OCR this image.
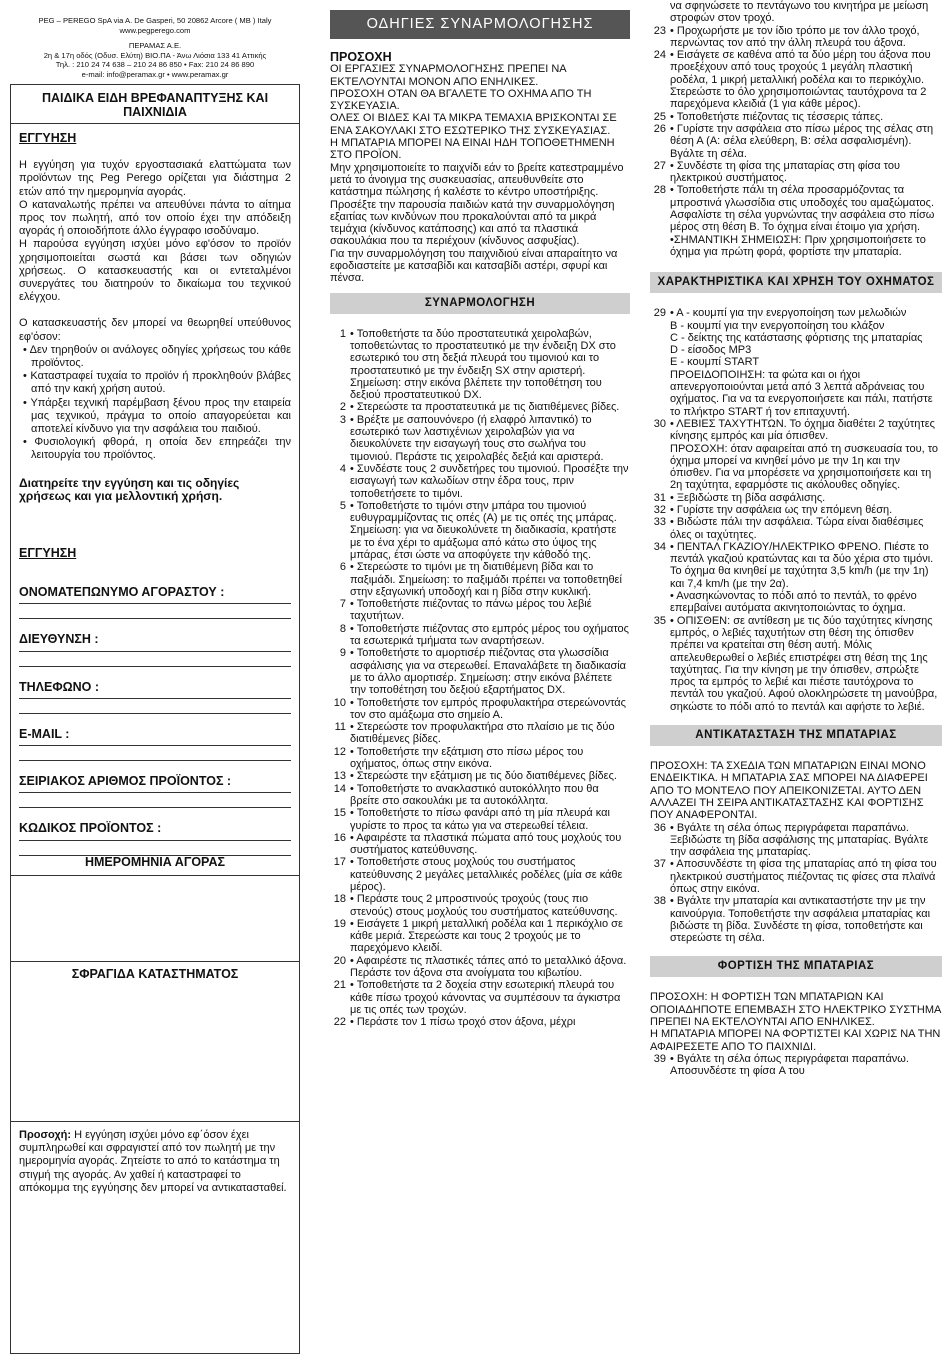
PEG – PEREGO SpA via A. De Gasperi, 50 20862 Arcore ( MB ) Italy
www.pegperego.com
ΠΕΡΑΜΑΣ Α.Ε.
2η & 17η οδός (Οδυσ. Ελύτη) ΒΙΟ.ΠΑ - Άνω Λιόσια 133 41 Αττικής
Τηλ. : 210 24 74 638 – 210 24 86 850 • Fax: 210 24 86 890
e-mail: info@peramax.gr • www.peramax.gr
ΠΑΙΔΙΚΑ ΕΙΔΗ ΒΡΕΦΑΝΑΠΤΥΞΗΣ ΚΑΙ ΠΑΙΧΝΙΔΙΑ
ΕΓΓΥΗΣΗ

Η εγγύηση για τυχόν εργοστασιακά ελαττώματα των προϊόντων της Peg Perego ορίζεται για διάστημα 2 ετών από την ημερομηνία αγοράς.

Ο καταναλωτής πρέπει να απευθύνει πάντα το αίτημα προς τον πωλητή, από τον οποίο έχει την απόδειξη αγοράς ή οποιοδήποτε άλλο έγγραφο ισοδύναμο.

Η παρούσα εγγύηση ισχύει μόνο εφ'όσον το προϊόν χρησιμοποιείται σωστά και βάσει των οδηγιών χρήσεως. Ο κατασκευαστής και οι εντεταλμένοι συνεργάτες του διατηρούν το δικαίωμα του τεχνικού ελέγχου.

Ο κατασκευαστής δεν μπορεί να θεωρηθεί υπεύθυνος εφ'όσον:

• Δεν τηρηθούν οι ανάλογες οδηγίες χρήσεως του κάθε προϊόντος.
• Καταστραφεί τυχαία το προϊόν ή προκληθούν βλάβες από την κακή χρήση αυτού.
• Υπάρξει τεχνική παρέμβαση ξένου προς την εταιρεία μας τεχνικού, πράγμα το οποίο απαγορεύεται και αποτελεί κίνδυνο για την ασφάλεια του παιδιού.
• Φυσιολογική φθορά, η οποία δεν επηρεάζει την λειτουργία του προϊόντος.
Διατηρείτε την εγγύηση και τις οδηγίες χρήσεως και για μελλοντική χρήση.
ΕΓΓΥΗΣΗ
ΟΝΟΜΑΤΕΠΩΝΥΜΟ ΑΓΟΡΑΣΤΟΥ :
ΔΙΕΥΘΥΝΣΗ :
ΤΗΛΕΦΩΝΟ :
E-MAIL :
ΣΕΙΡΙΑΚΟΣ ΑΡΙΘΜΟΣ ΠΡΟΪΟΝΤΟΣ :
ΚΩΔΙΚΟΣ ΠΡΟΪΟΝΤΟΣ :
ΗΜΕΡΟΜΗΝΙΑ ΑΓΟΡΑΣ
ΣΦΡΑΓΙΔΑ ΚΑΤΑΣΤΗΜΑΤΟΣ
Προσοχή: Η εγγύηση ισχύει μόνο εφ΄όσον έχει συμπληρωθεί και σφραγιστεί από τον πωλητή με την ημερομηνία αγοράς. Ζητείστε το από το κατάστημα τη στιγμή της αγοράς. Αν χαθεί ή καταστραφεί το απόκομμα της εγγύησης δεν μπορεί να αντικατασταθεί.
ΟΔΗΓΙΕΣ ΣΥΝΑΡΜΟΛΟΓΗΣΗΣ
ΠΡΟΣΟΧΗ

ΟΙ ΕΡΓΑΣΙΕΣ ΣΥΝΑΡΜΟΛΟΓΗΣΗΣ ΠΡΕΠΕΙ ΝΑ ΕΚΤΕΛΟΥΝΤΑΙ ΜΟΝΟΝ ΑΠΟ ΕΝΗΛΙΚΕΣ.

ΠΡΟΣΟΧΗ ΟΤΑΝ ΘΑ ΒΓΑΛΕΤΕ ΤΟ ΟΧΗΜΑ ΑΠΟ ΤΗ ΣΥΣΚΕΥΑΣΙΑ.

ΟΛΕΣ ΟΙ ΒΙΔΕΣ ΚΑΙ ΤΑ ΜΙΚΡΑ ΤΕΜΑΧΙΑ ΒΡΙΣΚΟΝΤΑΙ ΣΕ ΕΝΑ ΣΑΚΟΥΛΑΚΙ ΣΤΟ ΕΣΩΤΕΡΙΚΟ ΤΗΣ ΣΥΣΚΕΥΑΣΙΑΣ.

Η ΜΠΑΤΑΡΙΑ ΜΠΟΡΕΙ ΝΑ ΕΙΝΑΙ ΗΔΗ ΤΟΠΟΘΕΤΗΜΕΝΗ ΣΤΟ ΠΡΟΪΟΝ.

Μην χρησιμοποιείτε το παιχνίδι εάν το βρείτε κατεστραμμένο μετά το άνοιγμα της συσκευασίας, απευθυνθείτε στο κατάστημα πώλησης ή καλέστε το κέντρο υποστήριξης.

Προσέξτε την παρουσία παιδιών κατά την συναρμολόγηση εξαιτίας των κινδύνων που προκαλούνται από τα μικρά τεμάχια (κίνδυνος κατάποσης) και από τα πλαστικά σακουλάκια που τα περιέχουν (κίνδυνος ασφυξίας).

Για την συναρμολόγηση του παιχνιδιού είναι απαραίτητο να εφοδιαστείτε με κατσαβίδι και κατσαβίδι αστέρι, σφυρί και πένσα.

ΣΥΝΑΡΜΟΛΟΓΗΣΗ
1 • Τοποθετήστε τα δύο προστατευτικά χειρολαβών, τοποθετώντας το προστατευτικό με την ένδειξη DX στο εσωτερικό του στη δεξιά πλευρά του τιμονιού και το προστατευτικό με την ένδειξη SX στην αριστερή. Σημείωση: στην εικόνα βλέπετε την τοποθέτηση του δεξιού προστατευτικού DX.
2 • Στερεώστε τα προστατευτικά με τις διατιθέμενες βίδες.
3 • Βρέξτε με σαπουνόνερο (ή ελαφρό λιπαντικό) το εσωτερικό των λαστιχένιων χειρολαβών για να διευκολύνετε την εισαγωγή τους στο σωλήνα του τιμονιού. Περάστε τις χειρολαβές δεξιά και αριστερά.
4 • Συνδέστε τους 2 συνδετήρες του τιμονιού. Προσέξτε την εισαγωγή των καλωδίων στην έδρα τους, πριν τοποθετήσετε το τιμόνι.
5 • Τοποθετήστε το τιμόνι στην μπάρα του τιμονιού ευθυγραμμίζοντας τις οπές (Α) με τις οπές της μπάρας. Σημείωση: για να διευκολύνετε τη διαδικασία, κρατήστε με το ένα χέρι το αμάξωμα από κάτω στο ύψος της μπάρας, έτσι ώστε να αποφύγετε την κάθοδό της.
6 • Στερεώστε το τιμόνι με τη διατιθέμενη βίδα και το παξιμάδι. Σημείωση: το παξιμάδι πρέπει να τοποθετηθεί στην εξαγωνική υποδοχή και η βίδα στην κυκλική.
7 • Τοποθετήστε πιέζοντας το πάνω μέρος του λεβιέ ταχυτήτων.
8 • Τοποθετήστε πιέζοντας στο εμπρός μέρος του οχήματος τα εσωτερικά τμήματα των αναρτήσεων.
9 • Τοποθετήστε το αμορτισέρ πιέζοντας στα γλωσσίδια ασφάλισης για να στερεωθεί. Επαναλάβετε τη διαδικασία με το άλλο αμορτισέρ. Σημείωση: στην εικόνα βλέπετε την τοποθέτηση του δεξιού εξαρτήματος DX.
10 • Τοποθετήστε τον εμπρός προφυλακτήρα στερεώνοντάς τον στο αμάξωμα στο σημείο Α.
11 • Στερεώστε τον προφυλακτήρα στο πλαίσιο με τις δύο διατιθέμενες βίδες.
12 • Τοποθετήστε την εξάτμιση στο πίσω μέρος του οχήματος, όπως στην εικόνα.
13 • Στερεώστε την εξάτμιση με τις δύο διατιθέμενες βίδες.
14 • Τοποθετήστε το ανακλαστικό αυτοκόλλητο που θα βρείτε στο σακουλάκι με τα αυτοκόλλητα.
15 • Τοποθετήστε το πίσω φανάρι από τη μία πλευρά και γυρίστε το προς τα κάτω για να στερεωθεί τέλεια.
16 • Αφαιρέστε τα πλαστικά πώματα από τους μοχλούς του συστήματος κατεύθυνσης.
17 • Τοποθετήστε στους μοχλούς του συστήματος κατεύθυνσης 2 μεγάλες μεταλλικές ροδέλες (μία σε κάθε μέρος).
18 • Περάστε τους 2 μπροστινούς τροχούς (τους πιο στενούς) στους μοχλούς του συστήματος κατεύθυνσης.
19 • Εισάγετε 1 μικρή μεταλλική ροδέλα και 1 περικόχλιο σε κάθε μεριά. Στερεώστε και τους 2 τροχούς με το παρεχόμενο κλειδί.
20 • Αφαιρέστε τις πλαστικές τάπες από το μεταλλικό άξονα. Περάστε τον άξονα στα ανοίγματα του κιβωτίου.
21 • Τοποθετήστε τα 2 δοχεία στην εσωτερική πλευρά του κάθε πίσω τροχού κάνοντας να συμπέσουν τα άγκιστρα με τις οπές των τροχών.
22 • Περάστε τον 1 πίσω τροχό στον άξονα, μέχρι
να σφηνώσετε το πεντάγωνο του κινητήρα με μείωση στροφών στον τροχό.
23 • Προχωρήστε με τον ίδιο τρόπο με τον άλλο τροχό, περνώντας τον από την άλλη πλευρά του άξονα.
24 • Εισάγετε σε καθένα από τα δύο μέρη του άξονα που προεξέχουν από τους τροχούς 1 μεγάλη πλαστική ροδέλα, 1 μικρή μεταλλική ροδέλα και το περικόχλιο. Στερεώστε το όλο χρησιμοποιώντας ταυτόχρονα τα 2 παρεχόμενα κλειδιά (1 για κάθε μέρος).
25 • Τοποθετήστε πιέζοντας τις τέσσερις τάπες.
26 • Γυρίστε την ασφάλεια στο πίσω μέρος της σέλας στη θέση Α (Α: σέλα ελεύθερη, Β: σέλα ασφαλισμένη). Βγάλτε τη σέλα.
27 • Συνδέστε τη φίσα της μπαταρίας στη φίσα του ηλεκτρικού συστήματος.
28 • Τοποθετήστε πάλι τη σέλα προσαρμόζοντας τα μπροστινά γλωσσίδια στις υποδοχές του αμαξώματος. Ασφαλίστε τη σέλα γυρνώντας την ασφάλεια στο πίσω μέρος στη θέση Β. Το όχημα είναι έτοιμο για χρήση.
•ΣΗΜΑΝΤΙΚΗ ΣΗΜΕΙΩΣΗ: Πριν χρησιμοποιήσετε το όχημα για πρώτη φορά, φορτίστε την μπαταρία.
ΧΑΡΑΚΤΗΡΙΣΤΙΚΑ ΚΑΙ ΧΡΗΣΗ ΤΟΥ ΟΧΗΜΑΤΟΣ
29 • A - κουμπί για την ενεργοποίηση των μελωδιών
B - κουμπί για την ενεργοποίηση του κλάξον
C - δείκτης της κατάστασης φόρτισης της μπαταρίας
D - είσοδος MP3
E - κουμπί START
ΠΡΟΕΙΔΟΠΟΙΗΣΗ: τα φώτα και οι ήχοι απενεργοποιούνται μετά από 3 λεπτά αδράνειας του οχήματος. Για να τα ενεργοποιήσετε και πάλι, πατήστε το πλήκτρο START ή τον επιταχυντή.
30 • ΛΕΒΙΕΣ ΤΑΧΥΤΗΤΩΝ. Το όχημα διαθέτει 2 ταχύτητες κίνησης εμπρός και μία όπισθεν.
ΠΡΟΣΟΧΗ: όταν αφαιρείται από τη συσκευασία του, το όχημα μπορεί να κινηθεί μόνο με την 1η και την όπισθεν. Για να μπορέσετε να χρησιμοποιήσετε και τη 2η ταχύτητα, εφαρμόστε τις ακόλουθες οδηγίες.
31 • Ξεβιδώστε τη βίδα ασφάλισης.
32 • Γυρίστε την ασφάλεια ως την επόμενη θέση.
33 • Βιδώστε πάλι την ασφάλεια. Τώρα είναι διαθέσιμες όλες οι ταχύτητες.
34 • ΠΕΝΤΑΛ ΓΚΑΖΙΟΥ/ΗΛΕΚΤΡΙΚΟ ΦΡΕΝΟ. Πιέστε το πεντάλ γκαζιού κρατώντας και τα δύο χέρια στο τιμόνι. Το όχημα θα κινηθεί με ταχύτητα 3,5 km/h (με την 1η) και 7,4 km/h (με την 2α).
• Ανασηκώνοντας το πόδι από το πεντάλ, το φρένο επεμβαίνει αυτόματα ακινητοποιώντας το όχημα.
35 • ΟΠΙΣΘΕΝ: σε αντίθεση με τις δύο ταχύτητες κίνησης εμπρός, ο λεβιές ταχυτήτων στη θέση της όπισθεν πρέπει να κρατείται στη θέση αυτή. Μόλις απελευθερωθεί ο λεβιές επιστρέφει στη θέση της 1ης ταχύτητας. Για την κίνηση με την όπισθεν, σπρώξτε προς τα εμπρός το λεβιέ και πιέστε ταυτόχρονα το πεντάλ του γκαζιού. Αφού ολοκληρώσετε τη μανούβρα, σηκώστε το πόδι από το πεντάλ και αφήστε το λεβιέ.
ΑΝΤΙΚΑΤΑΣΤΑΣΗ ΤΗΣ ΜΠΑΤΑΡΙΑΣ
ΠΡΟΣΟΧΗ: ΤΑ ΣΧΕΔΙΑ ΤΩΝ ΜΠΑΤΑΡΙΩΝ ΕΙΝΑΙ ΜΟΝΟ ΕΝΔΕΙΚΤΙΚΑ. Η ΜΠΑΤΑΡΙΑ ΣΑΣ ΜΠΟΡΕΙ ΝΑ ΔΙΑΦΕΡΕΙ ΑΠΟ ΤΟ ΜΟΝΤΕΛΟ ΠΟΥ ΑΠΕΙΚΟΝΙΖΕΤΑΙ. ΑΥΤΟ ΔΕΝ ΑΛΛΑΖΕΙ ΤΗ ΣΕΙΡΑ ΑΝΤΙΚΑΤΑΣΤΑΣΗΣ ΚΑΙ ΦΟΡΤΙΣΗΣ ΠΟΥ ΑΝΑΦΕΡΟΝΤΑΙ.
36 • Βγάλτε τη σέλα όπως περιγράφεται παραπάνω. Ξεβιδώστε τη βίδα ασφάλισης της μπαταρίας. Βγάλτε την ασφάλεια της μπαταρίας.
37 • Αποσυνδέστε τη φίσα της μπαταρίας από τη φίσα του ηλεκτρικού συστήματος πιέζοντας τις φίσες στα πλαϊνά όπως στην εικόνα.
38 • Βγάλτε την μπαταρία και αντικαταστήστε την με την καινούργια. Τοποθετήστε την ασφάλεια μπαταρίας και βιδώστε τη βίδα. Συνδέστε τη φίσα, τοποθετήστε και στερεώστε τη σέλα.
ΦΟΡΤΙΣΗ ΤΗΣ ΜΠΑΤΑΡΙΑΣ
ΠΡΟΣΟΧΗ: Η ΦΟΡΤΙΣΗ ΤΩΝ ΜΠΑΤΑΡΙΩΝ ΚΑΙ ΟΠΟΙΑΔΗΠΟΤΕ ΕΠΕΜΒΑΣΗ ΣΤΟ ΗΛΕΚΤΡΙΚΟ ΣΥΣΤΗΜΑ ΠΡΕΠΕΙ ΝΑ ΕΚΤΕΛΟΥΝΤΑΙ ΑΠΟ ΕΝΗΛΙΚΕΣ.
Η ΜΠΑΤΑΡΙΑ ΜΠΟΡΕΙ ΝΑ ΦΟΡΤΙΣΤΕΙ ΚΑΙ ΧΩΡΙΣ ΝΑ ΤΗΝ ΑΦΑΙΡΕΣΕΤΕ ΑΠΟ ΤΟ ΠΑΙΧΝΙΔΙ.
39 • Βγάλτε τη σέλα όπως περιγράφεται παραπάνω. Αποσυνδέστε τη φίσα A του
